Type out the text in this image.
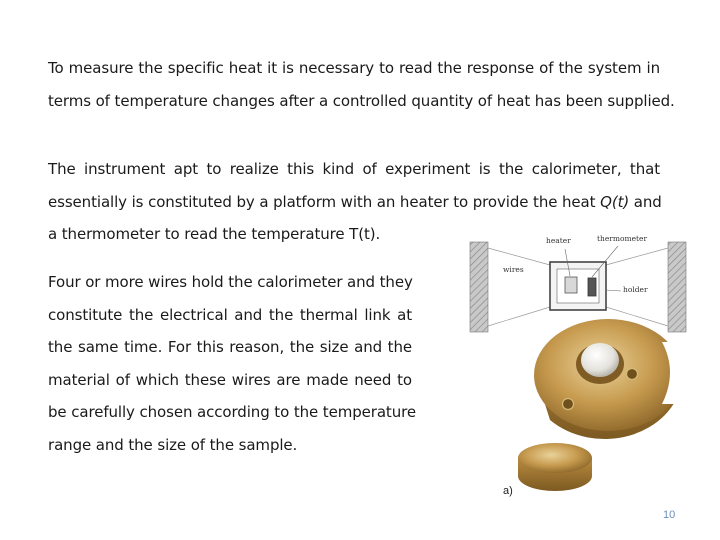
To measure the specific heat it is necessary to read the response of the system in
terms of temperature changes after a controlled quantity of heat has been supplied.
The instrument apt to realize this kind of experiment is the calorimeter, that
essentially is constituted by a platform with an heater to provide the heat Q(t) and
a thermometer to read the temperature T(t).
Four or more wires hold the calorimeter and they
constitute the electrical and the thermal link at
the same time. For this reason, the size and the
material of which these wires are made need to
be carefully chosen according to the temperature
range and the size of the sample.
heater	thermometer
wires
holder
a)
10
